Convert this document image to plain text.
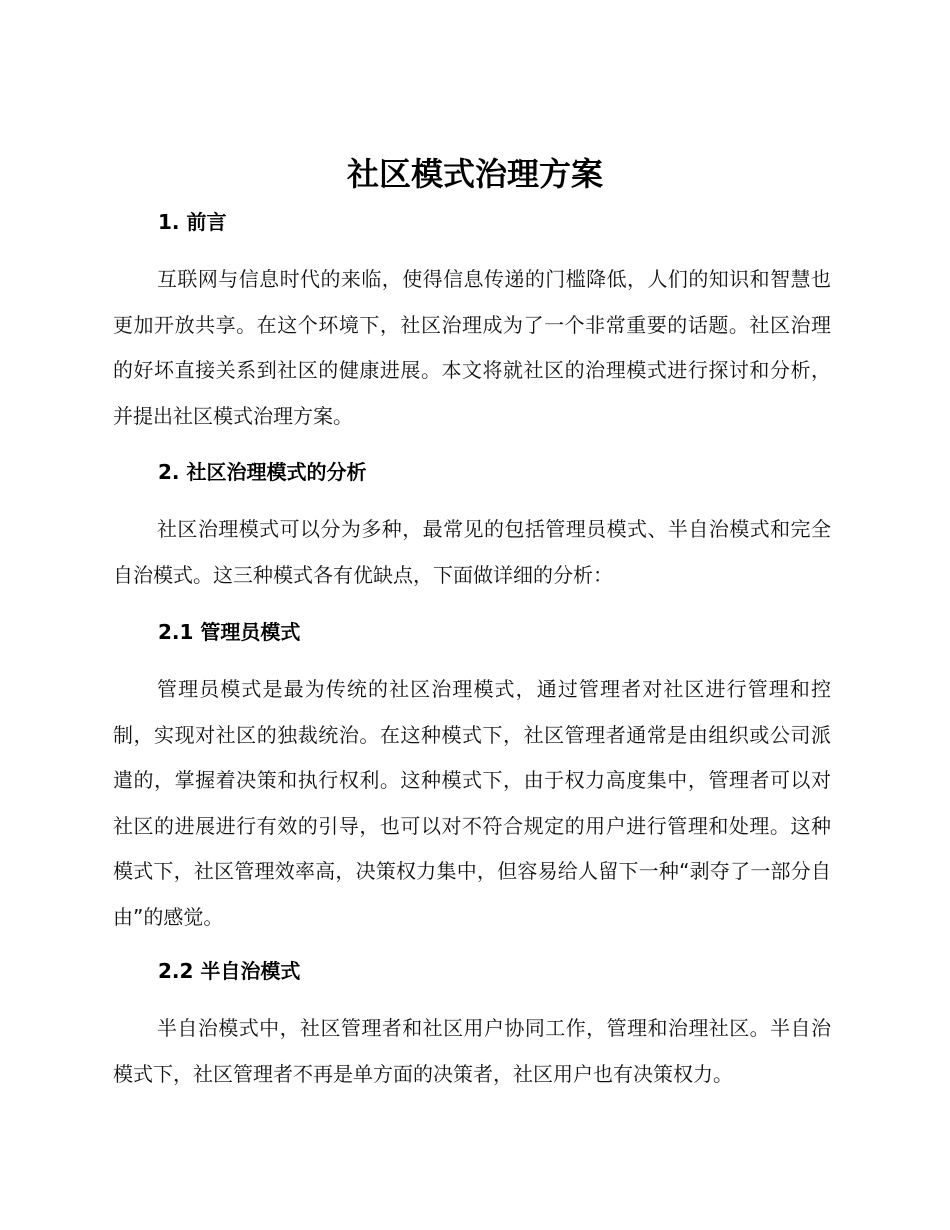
社区模式治理方案
1. 前言

互联网与信息时代的来临，使得信息传递的门槛降低，人们的知识和智慧也更加开放共享。在这个环境下，社区治理成为了一个非常重要的话题。社区治理的好坏直接关系到社区的健康进展。本文将就社区的治理模式进行探讨和分析，并提出社区模式治理方案。

2. 社区治理模式的分析

社区治理模式可以分为多种，最常见的包括管理员模式、半自治模式和完全自治模式。这三种模式各有优缺点，下面做详细的分析：

2.1 管理员模式

管理员模式是最为传统的社区治理模式，通过管理者对社区进行管理和控制，实现对社区的独裁统治。在这种模式下，社区管理者通常是由组织或公司派遣的，掌握着决策和执行权利。这种模式下，由于权力高度集中，管理者可以对社区的进展进行有效的引导，也可以对不符合规定的用户进行管理和处理。这种模式下，社区管理效率高，决策权力集中，但容易给人留下一种“剥夺了一部分自由”的感觉。

2.2 半自治模式

半自治模式中，社区管理者和社区用户协同工作，管理和治理社区。半自治模式下，社区管理者不再是单方面的决策者，社区用户也有决策权力。
